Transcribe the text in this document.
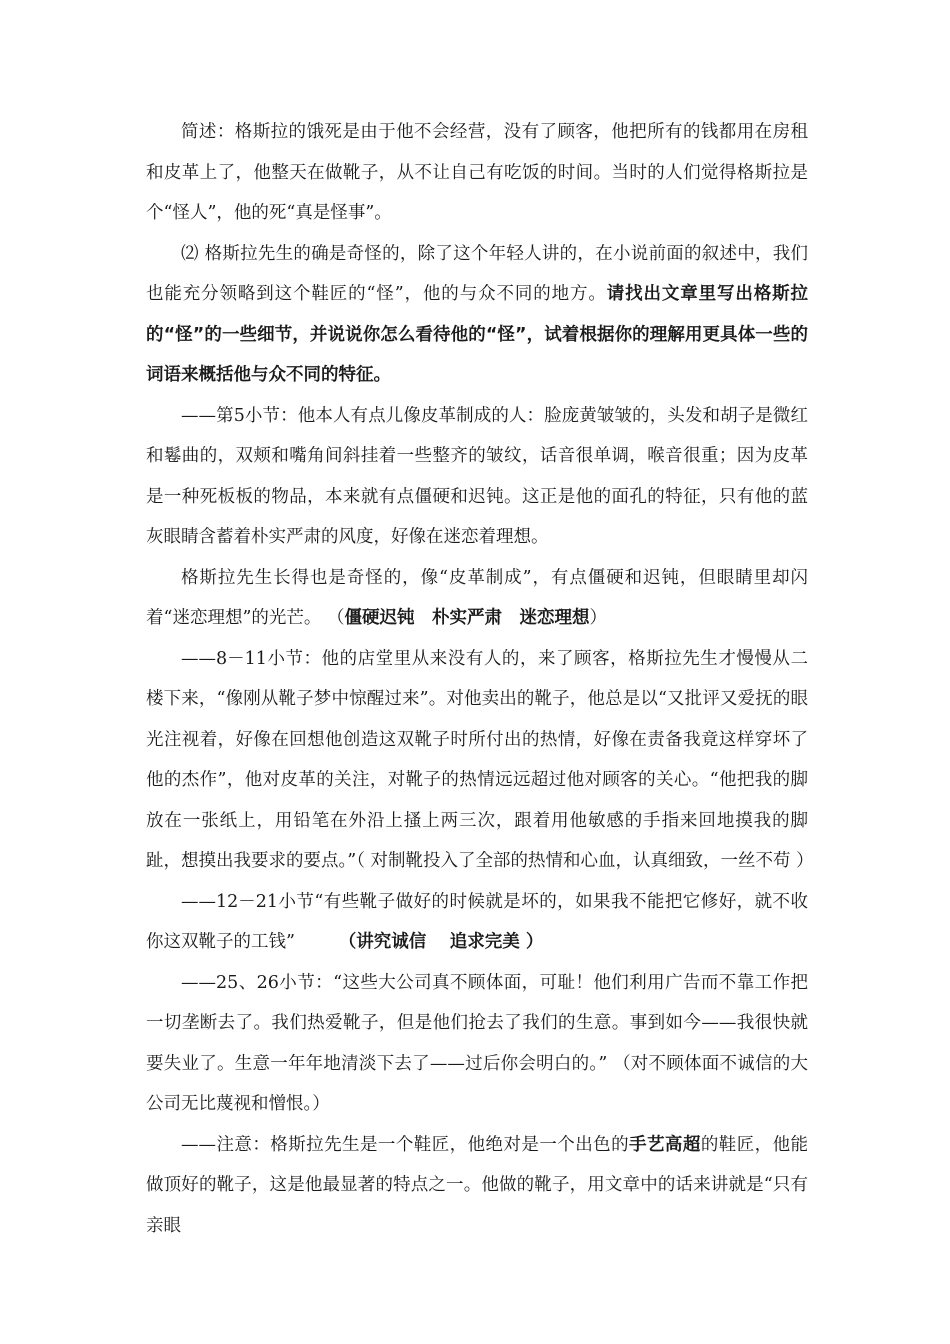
简述：格斯拉的饿死是由于他不会经营，没有了顾客，他把所有的钱都用在房租和皮革上了，他整天在做靴子，从不让自己有吃饭的时间。当时的人们觉得格斯拉是个“怪人”，他的死“真是怪事”。

⑵ 格斯拉先生的确是奇怪的，除了这个年轻人讲的，在小说前面的叙述中，我们也能充分领略到这个鞋匠的“怪”，他的与众不同的地方。请找出文章里写出格斯拉的“怪”的一些细节，并说说你怎么看待他的“怪”，试着根据你的理解用更具体一些的词语来概括他与众不同的特征。

——第5小节：他本人有点儿像皮革制成的人：脸庞黄皱皱的，头发和胡子是微红和鬈曲的，双颊和嘴角间斜挂着一些整齐的皱纹，话音很单调，喉音很重；因为皮革是一种死板板的物品，本来就有点僵硬和迟钝。这正是他的面孔的特征，只有他的蓝灰眼睛含蓄着朴实严肃的风度，好像在迷恋着理想。

格斯拉先生长得也是奇怪的，像“皮革制成”，有点僵硬和迟钝，但眼睛里却闪着“迷恋理想”的光芒。 （僵硬迟钝　朴实严肃　迷恋理想）

——8－11小节：他的店堂里从来没有人的，来了顾客，格斯拉先生才慢慢从二楼下来，“像刚从靴子梦中惊醒过来”。对他卖出的靴子，他总是以“又批评又爱抚的眼光注视着，好像在回想他创造这双靴子时所付出的热情，好像在责备我竟这样穿坏了他的杰作”，他对皮革的关注，对靴子的热情远远超过他对顾客的关心。“他把我的脚放在一张纸上，用铅笔在外沿上搔上两三次，跟着用他敏感的手指来回地摸我的脚趾，想摸出我要求的要点。”（ 对制靴投入了全部的热情和心血，认真细致，一丝不苟 ）

——12－21小节“有些靴子做好的时候就是坏的，如果我不能把它修好，就不收你这双靴子的工钱”　　　（讲究诚信　 追求完美 ）

——25、26小节：“这些大公司真不顾体面，可耻！他们利用广告而不靠工作把一切垄断去了。我们热爱靴子，但是他们抢去了我们的生意。事到如今——我很快就要失业了。生意一年年地清淡下去了——过后你会明白的。” （对不顾体面不诚信的大公司无比蔑视和憎恨。）

——注意：格斯拉先生是一个鞋匠，他绝对是一个出色的手艺高超的鞋匠，他能做顶好的靴子，这是他最显著的特点之一。他做的靴子，用文章中的话来讲就是“只有亲眼
